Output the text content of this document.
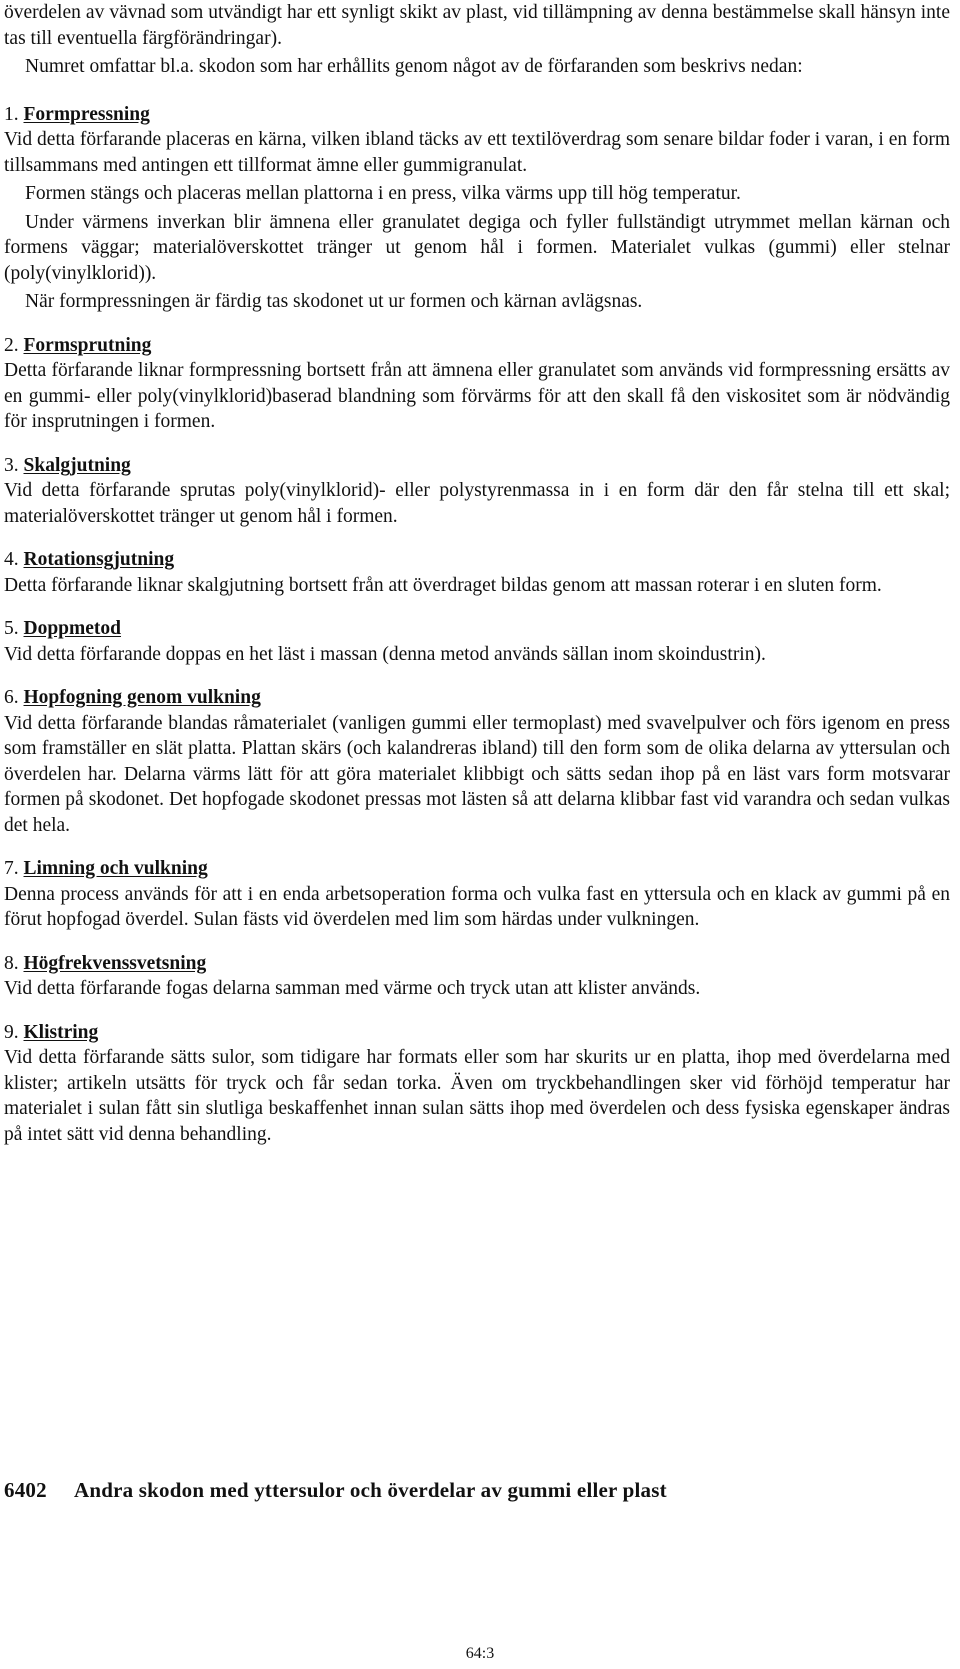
överdelen av vävnad som utvändigt har ett synligt skikt av plast, vid tillämpning av denna bestämmelse skall hänsyn inte tas till eventuella färgförändringar).

Numret omfattar bl.a. skodon som har erhållits genom något av de förfaranden som beskrivs nedan:

1. Formpressning

Vid detta förfarande placeras en kärna, vilken ibland täcks av ett textilöverdrag som senare bildar foder i varan, i en form tillsammans med antingen ett tillformat ämne eller gummigranulat.

Formen stängs och placeras mellan plattorna i en press, vilka värms upp till hög temperatur.

Under värmens inverkan blir ämnena eller granulatet degiga och fyller fullständigt utrymmet mellan kärnan och formens väggar; materialöverskottet tränger ut genom hål i formen. Materialet vulkas (gummi) eller stelnar (poly(vinylklorid)).

När formpressningen är färdig tas skodonet ut ur formen och kärnan avlägsnas.

2. Formsprutning

Detta förfarande liknar formpressning bortsett från att ämnena eller granulatet som används vid formpressning ersätts av en gummi- eller poly(vinylklorid)baserad blandning som förvärms för att den skall få den viskositet som är nödvändig för insprutningen i formen.

3. Skalgjutning

Vid detta förfarande sprutas poly(vinylklorid)- eller polystyrenmassa in i en form där den får stelna till ett skal; materialöverskottet tränger ut genom hål i formen.

4. Rotationsgjutning

Detta förfarande liknar skalgjutning bortsett från att överdraget bildas genom att massan roterar i en sluten form.

5. Doppmetod

Vid detta förfarande doppas en het läst i massan (denna metod används sällan inom skoindustrin).

6. Hopfogning genom vulkning

Vid detta förfarande blandas råmaterialet (vanligen gummi eller termoplast) med svavelpulver och förs igenom en press som framställer en slät platta. Plattan skärs (och kalandreras ibland) till den form som de olika delarna av yttersulan och överdelen har. Delarna värms lätt för att göra materialet klibbigt och sätts sedan ihop på en läst vars form motsvarar formen på skodonet. Det hopfogade skodonet pressas mot lästen så att delarna klibbar fast vid varandra och sedan vulkas det hela.

7. Limning och vulkning

Denna process används för att i en enda arbetsoperation forma och vulka fast en yttersula och en klack av gummi på en förut hopfogad överdel. Sulan fästs vid överdelen med lim som härdas under vulkningen.

8. Högfrekvenssvetsning

Vid detta förfarande fogas delarna samman med värme och tryck utan att klister används.

9. Klistring

Vid detta förfarande sätts sulor, som tidigare har formats eller som har skurits ur en platta, ihop med överdelarna med klister; artikeln utsätts för tryck och får sedan torka. Även om tryckbehandlingen sker vid förhöjd temperatur har materialet i sulan fått sin slutliga beskaffenhet innan sulan sätts ihop med överdelen och dess fysiska egenskaper ändras på intet sätt vid denna behandling.

6402 Andra skodon med yttersulor och överdelar av gummi eller plast
64:3
